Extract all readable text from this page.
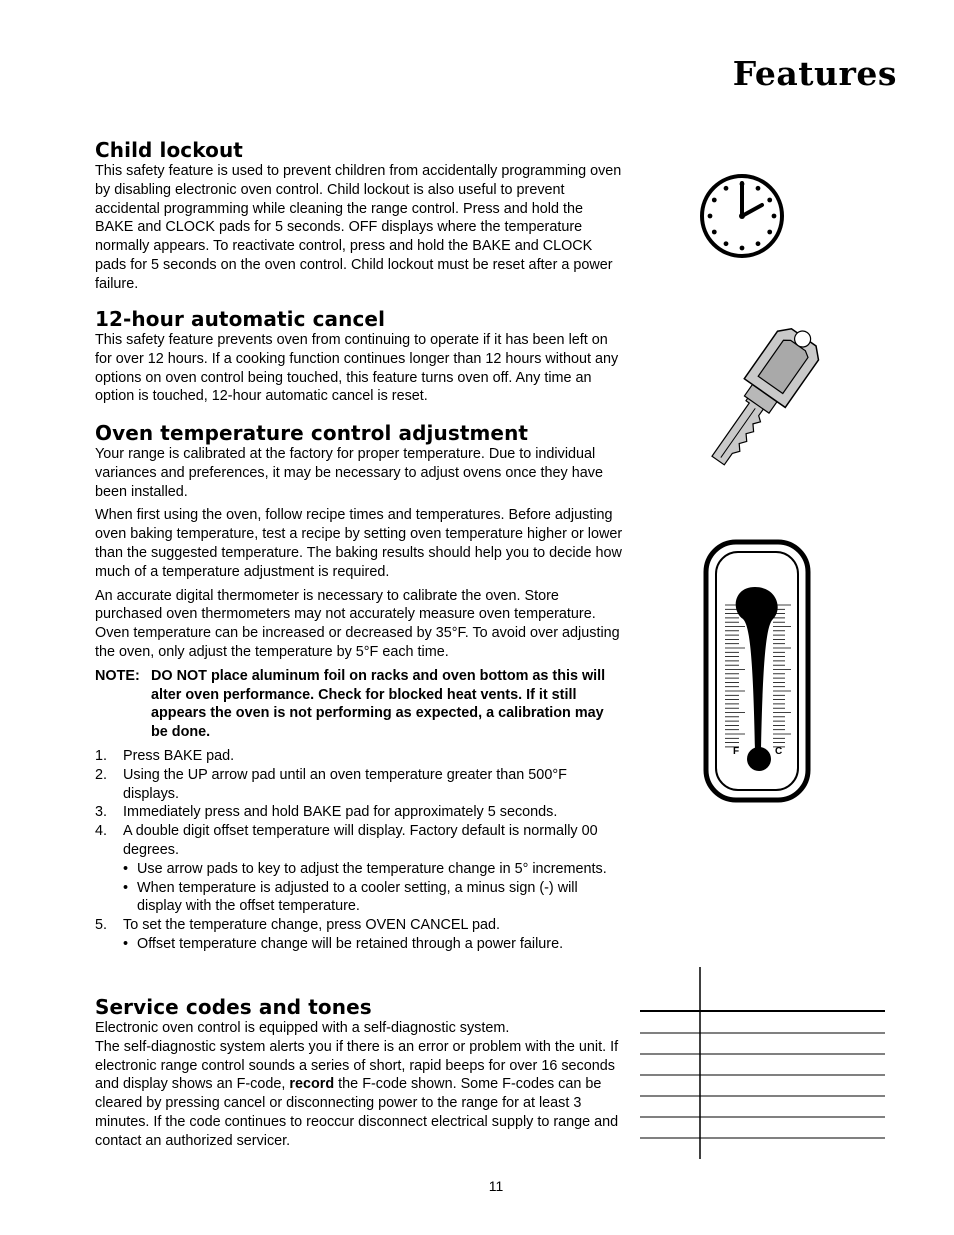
Features
Child lockout

This safety feature is used to prevent children from accidentally programming oven by disabling electronic oven control. Child lockout is also useful to prevent accidental programming while cleaning the range control. Press and hold the BAKE and CLOCK pads for 5 seconds. OFF displays where the temperature normally appears. To reactivate control, press and hold the BAKE and CLOCK pads for 5 seconds on the oven control. Child lockout must be reset after a power failure.

12-hour automatic cancel

This safety feature prevents oven from continuing to operate if it has been left on for over 12 hours. If a cooking function continues longer than 12 hours without any options on oven control being touched, this feature turns oven off. Any time an option is touched, 12-hour automatic cancel is reset.

Oven temperature control adjustment

Your range is calibrated at the factory for proper temperature. Due to individual variances and preferences, it may be necessary to adjust ovens once they have been installed.

When first using the oven, follow recipe times and temperatures. Before adjusting oven baking temperature, test a recipe by setting oven temperature higher or lower than the suggested temperature. The baking results should help you to decide how much of a temperature adjustment is required.

An accurate digital thermometer is necessary to calibrate the oven. Store purchased oven thermometers may not accurately measure oven temperature. Oven temperature can be increased or decreased by 35°F. To avoid over adjusting the oven, only adjust the temperature by 5°F each time.

NOTE: DO NOT place aluminum foil on racks and oven bottom as this will alter oven performance. Check for blocked heat vents. If it still appears the oven is not performing as expected, a calibration may be done.
1.	Press BAKE pad.
2.	Using the UP arrow pad until an oven temperature greater than 500°F displays.
3.	Immediately press and hold BAKE pad for approximately 5 seconds.
4.	A double digit offset temperature will display. Factory default is normally 00 degrees.
• Use arrow pads to key to adjust the temperature change in 5° increments.
• When temperature is adjusted to a cooler setting, a minus sign (-) will display with the offset temperature.
5.	To set the temperature change, press OVEN CANCEL pad.
• Offset temperature change will be retained through a power failure.
Service codes and tones
Electronic oven control is equipped with a self-diagnostic system.

The self-diagnostic system alerts you if there is an error or problem with the unit. If electronic range control sounds a series of short, rapid beeps for over 16 seconds and display shows an F-code, record the F-code shown. Some F-codes can be cleared by pressing cancel or disconnecting power to the range for at least 3 minutes. If the code continues to reoccur disconnect electrical supply to range and contact an authorized servicer.

F	C
11
